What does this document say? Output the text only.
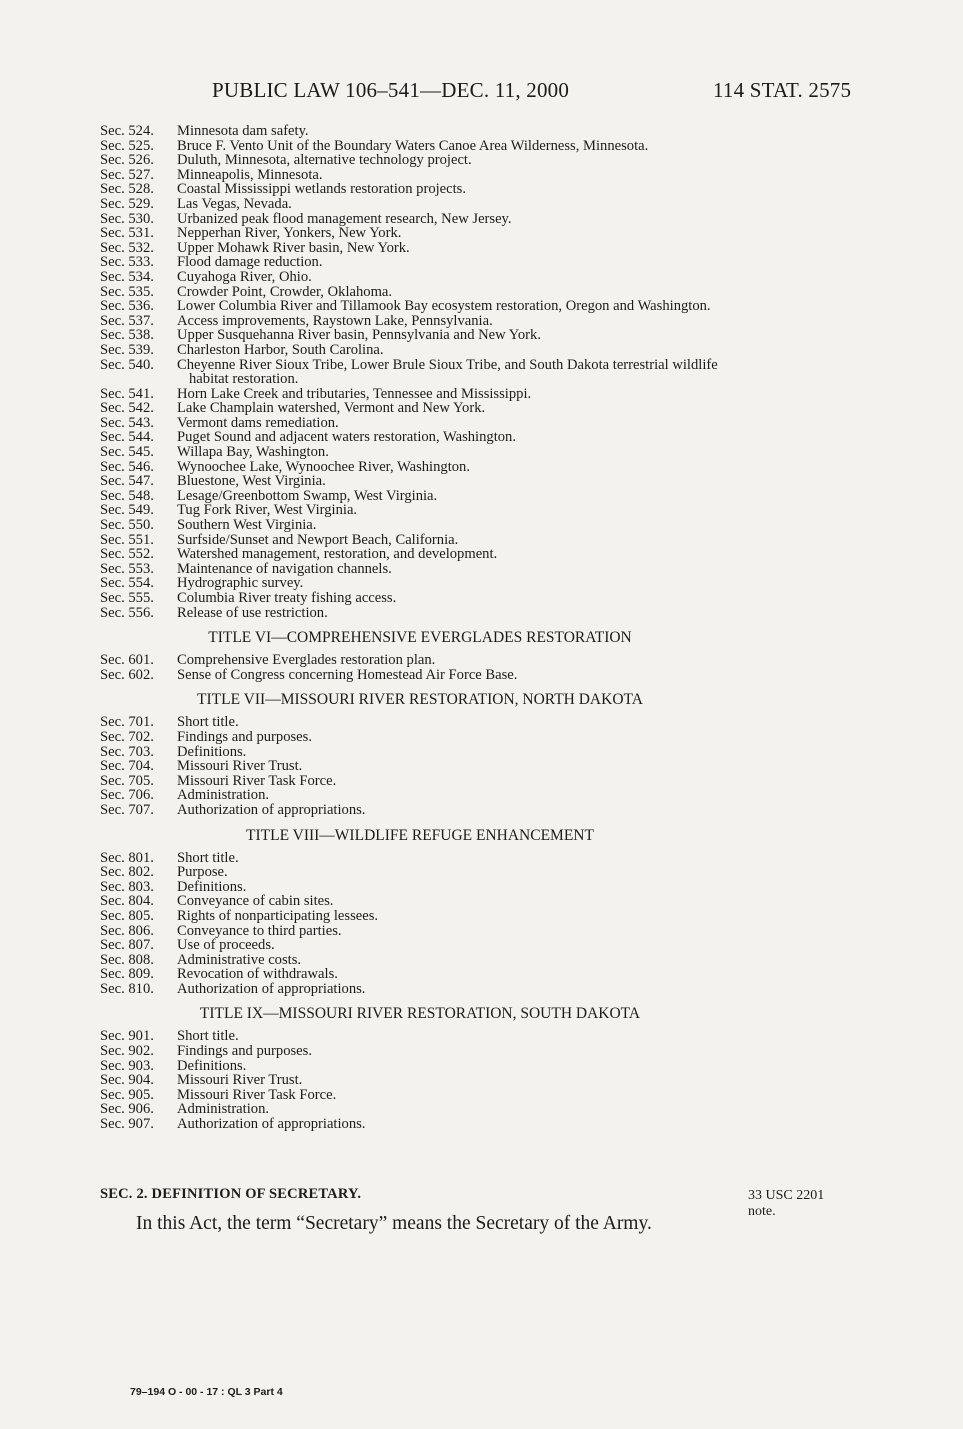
PUBLIC LAW 106–541—DEC. 11, 2000	114 STAT. 2575
Sec. 524.	Minnesota dam safety.
Sec. 525.	Bruce F. Vento Unit of the Boundary Waters Canoe Area Wilderness, Minnesota.
Sec. 526.	Duluth, Minnesota, alternative technology project.
Sec. 527.	Minneapolis, Minnesota.
Sec. 528.	Coastal Mississippi wetlands restoration projects.
Sec. 529.	Las Vegas, Nevada.
Sec. 530.	Urbanized peak flood management research, New Jersey.
Sec. 531.	Nepperhan River, Yonkers, New York.
Sec. 532.	Upper Mohawk River basin, New York.
Sec. 533.	Flood damage reduction.
Sec. 534.	Cuyahoga River, Ohio.
Sec. 535.	Crowder Point, Crowder, Oklahoma.
Sec. 536.	Lower Columbia River and Tillamook Bay ecosystem restoration, Oregon and Washington.
Sec. 537.	Access improvements, Raystown Lake, Pennsylvania.
Sec. 538.	Upper Susquehanna River basin, Pennsylvania and New York.
Sec. 539.	Charleston Harbor, South Carolina.
Sec. 540.	Cheyenne River Sioux Tribe, Lower Brule Sioux Tribe, and South Dakota terrestrial wildlife habitat restoration.
Sec. 541.	Horn Lake Creek and tributaries, Tennessee and Mississippi.
Sec. 542.	Lake Champlain watershed, Vermont and New York.
Sec. 543.	Vermont dams remediation.
Sec. 544.	Puget Sound and adjacent waters restoration, Washington.
Sec. 545.	Willapa Bay, Washington.
Sec. 546.	Wynoochee Lake, Wynoochee River, Washington.
Sec. 547.	Bluestone, West Virginia.
Sec. 548.	Lesage/Greenbottom Swamp, West Virginia.
Sec. 549.	Tug Fork River, West Virginia.
Sec. 550.	Southern West Virginia.
Sec. 551.	Surfside/Sunset and Newport Beach, California.
Sec. 552.	Watershed management, restoration, and development.
Sec. 553.	Maintenance of navigation channels.
Sec. 554.	Hydrographic survey.
Sec. 555.	Columbia River treaty fishing access.
Sec. 556.	Release of use restriction.
TITLE VI—COMPREHENSIVE EVERGLADES RESTORATION
Sec. 601.	Comprehensive Everglades restoration plan.
Sec. 602.	Sense of Congress concerning Homestead Air Force Base.
TITLE VII—MISSOURI RIVER RESTORATION, NORTH DAKOTA
Sec. 701.	Short title.
Sec. 702.	Findings and purposes.
Sec. 703.	Definitions.
Sec. 704.	Missouri River Trust.
Sec. 705.	Missouri River Task Force.
Sec. 706.	Administration.
Sec. 707.	Authorization of appropriations.
TITLE VIII—WILDLIFE REFUGE ENHANCEMENT
Sec. 801.	Short title.
Sec. 802.	Purpose.
Sec. 803.	Definitions.
Sec. 804.	Conveyance of cabin sites.
Sec. 805.	Rights of nonparticipating lessees.
Sec. 806.	Conveyance to third parties.
Sec. 807.	Use of proceeds.
Sec. 808.	Administrative costs.
Sec. 809.	Revocation of withdrawals.
Sec. 810.	Authorization of appropriations.
TITLE IX—MISSOURI RIVER RESTORATION, SOUTH DAKOTA
Sec. 901.	Short title.
Sec. 902.	Findings and purposes.
Sec. 903.	Definitions.
Sec. 904.	Missouri River Trust.
Sec. 905.	Missouri River Task Force.
Sec. 906.	Administration.
Sec. 907.	Authorization of appropriations.
SEC. 2. DEFINITION OF SECRETARY.
In this Act, the term “Secretary” means the Secretary of the Army.
33 USC 2201
note.
79–194 O - 00 - 17 : QL 3 Part 4
